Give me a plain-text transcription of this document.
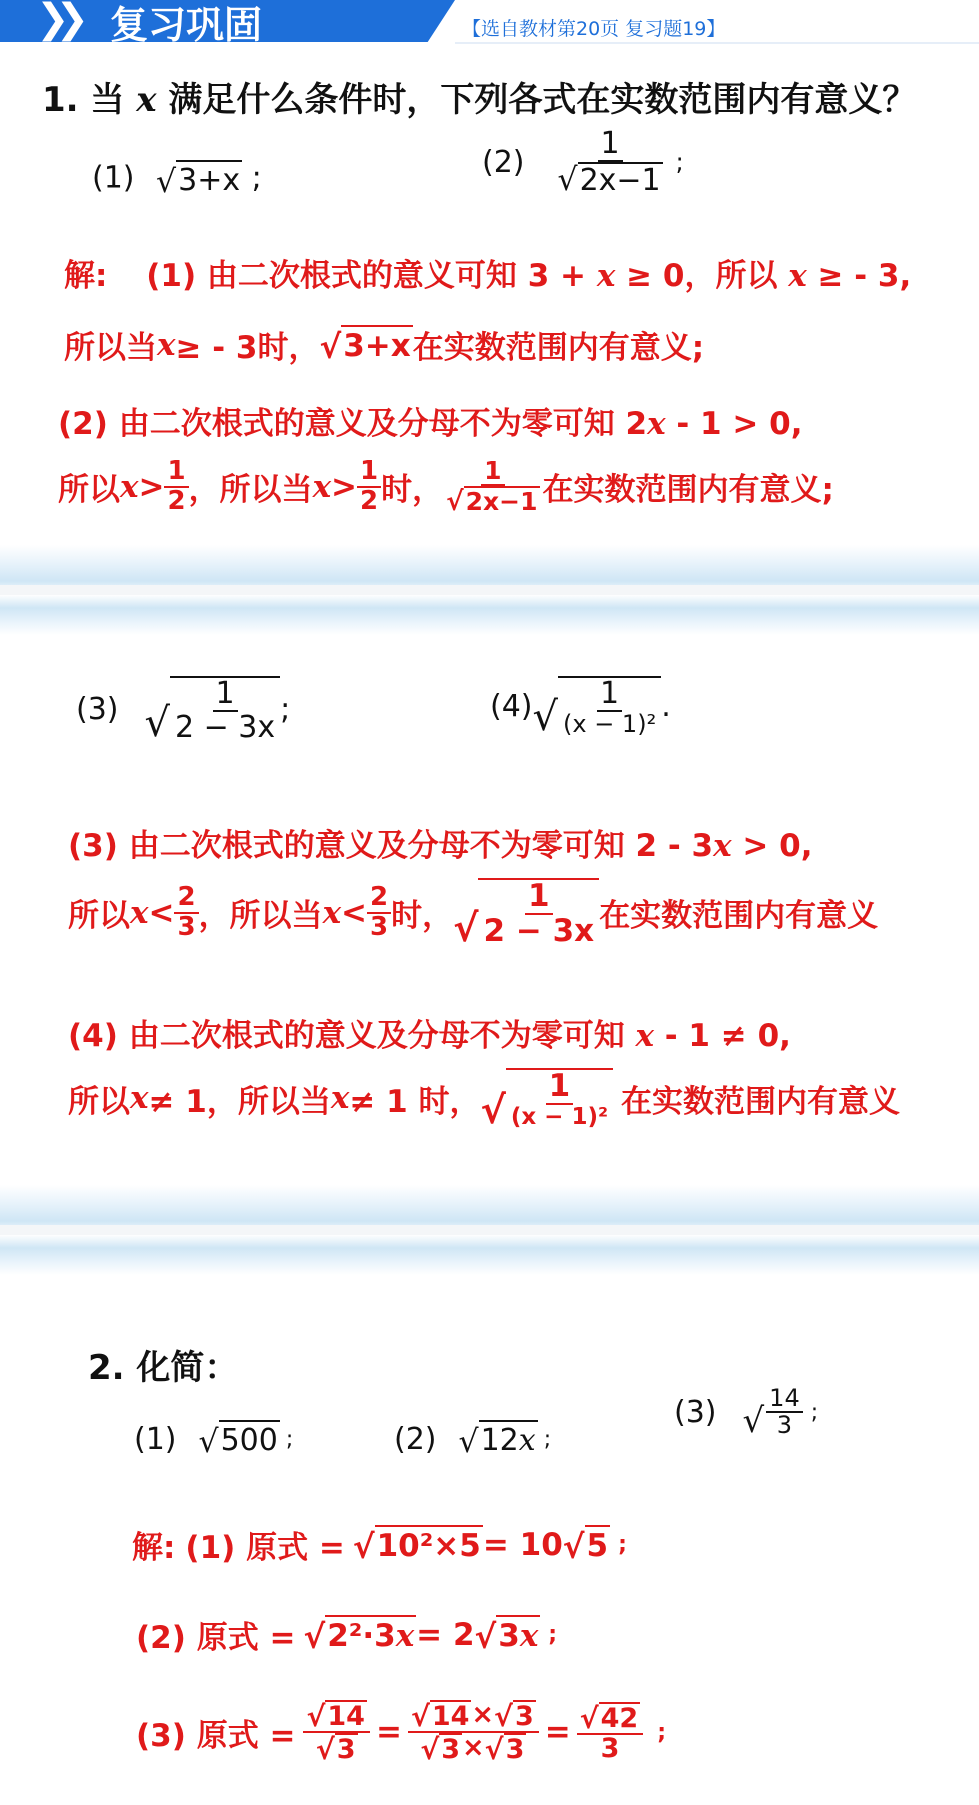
❯❯ 复习巩固	【选自教材第20页 复习题19】
1. 当 x 满足什么条件时，下列各式在实数范围内有意义？
(1) √ 3+x ;	$(2) \frac{1}{√ 2x-1}$ ;
解: (1) 由二次根式的意义可知 3 + x ≥ 0，所以 x ≥ - 3,
所以当 x ≥ - 3时， √ 3+x 在实数范围内有意义;
(2) 由二次根式的意义及分母不为零可知 2x - 1 > 0,
所以 $x > \frac{1}{2}$ ，所以当 $x > \frac{1}{2}$ 时， $\frac{1}{√ 2x-1}$ 在实数范围内有意义;
(3) √ $\frac{1}{2 - 3x}$ ;	(4) √ $\frac{1}{\text{(x − 1)²}}$ .
(3) 由二次根式的意义及分母不为零可知 2 - 3x > 0,
所以 $x < \frac{2}{3}$ ，所以当 $x < \frac{2}{3}$ 时， √ $\frac{1}{2 - 3x}$ 在实数范围内有意义
(4) 由二次根式的意义及分母不为零可知 x - 1 ≠ 0,
所以 x ≠ 1，所以当 x ≠ 1 时， √ $\frac{1}{\text{(x − 1)²}}$ 在实数范围内有意义
2. 化简：
(1) √ 500 ;	(2) √ 12 x ;
(3) √ $\frac{14}{3}$ ;
解: (1) 原式 = √ 10²×5 = 10 √ 5 ;
(2) 原式 = √ 2²·3 x = 2 √ 3 x ;
(3) 原式 = $\frac{√ 14}{√ 3} = \frac{√ 14 \times √ 3}{√ 3 \times √ 3} = \frac{√ 42}{3}$ ;
